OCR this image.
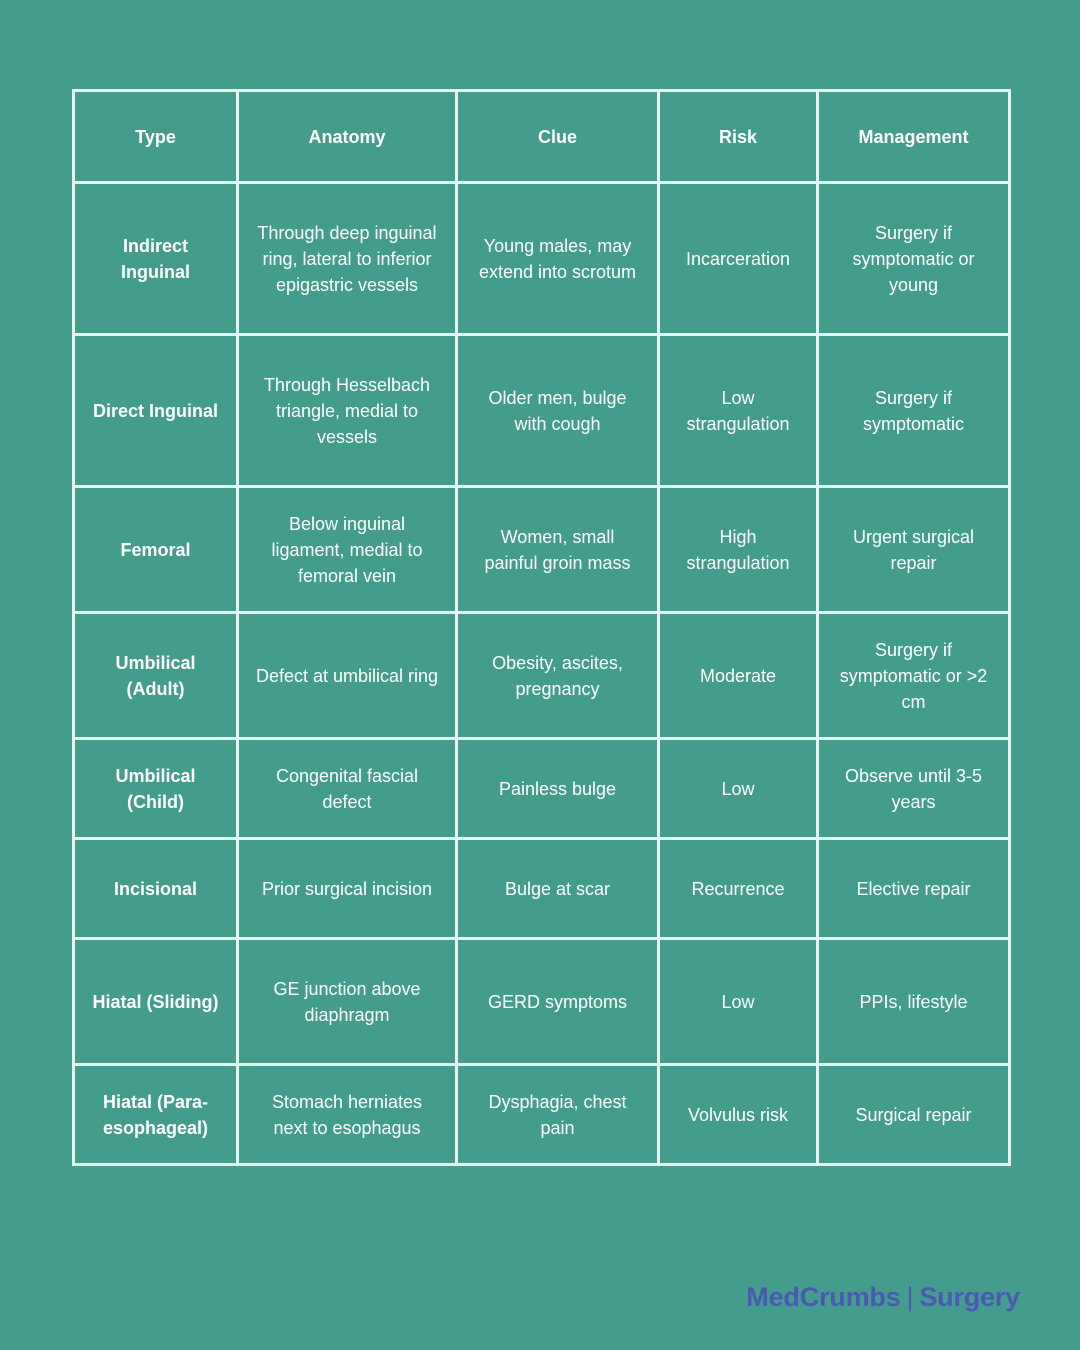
Type	Anatomy	Clue	Risk	Management
Indirect Inguinal	Through deep inguinal ring, lateral to inferior epigastric vessels	Young males, may extend into scrotum	Incarceration	Surgery if symptomatic or young
Direct Inguinal	Through Hesselbach triangle, medial to vessels	Older men, bulge with cough	Low strangulation	Surgery if symptomatic
Femoral	Below inguinal ligament, medial to femoral vein	Women, small painful groin mass	High strangulation	Urgent surgical repair
Umbilical (Adult)	Defect at umbilical ring	Obesity, ascites, pregnancy	Moderate	Surgery if symptomatic or >2 cm
Umbilical (Child)	Congenital fascial defect	Painless bulge	Low	Observe until 3-5 years
Incisional	Prior surgical incision	Bulge at scar	Recurrence	Elective repair
Hiatal (Sliding)	GE junction above diaphragm	GERD symptoms	Low	PPIs, lifestyle
Hiatal (Para-esophageal)	Stomach herniates next to esophagus	Dysphagia, chest pain	Volvulus risk	Surgical repair
MedCrumbs | Surgery
